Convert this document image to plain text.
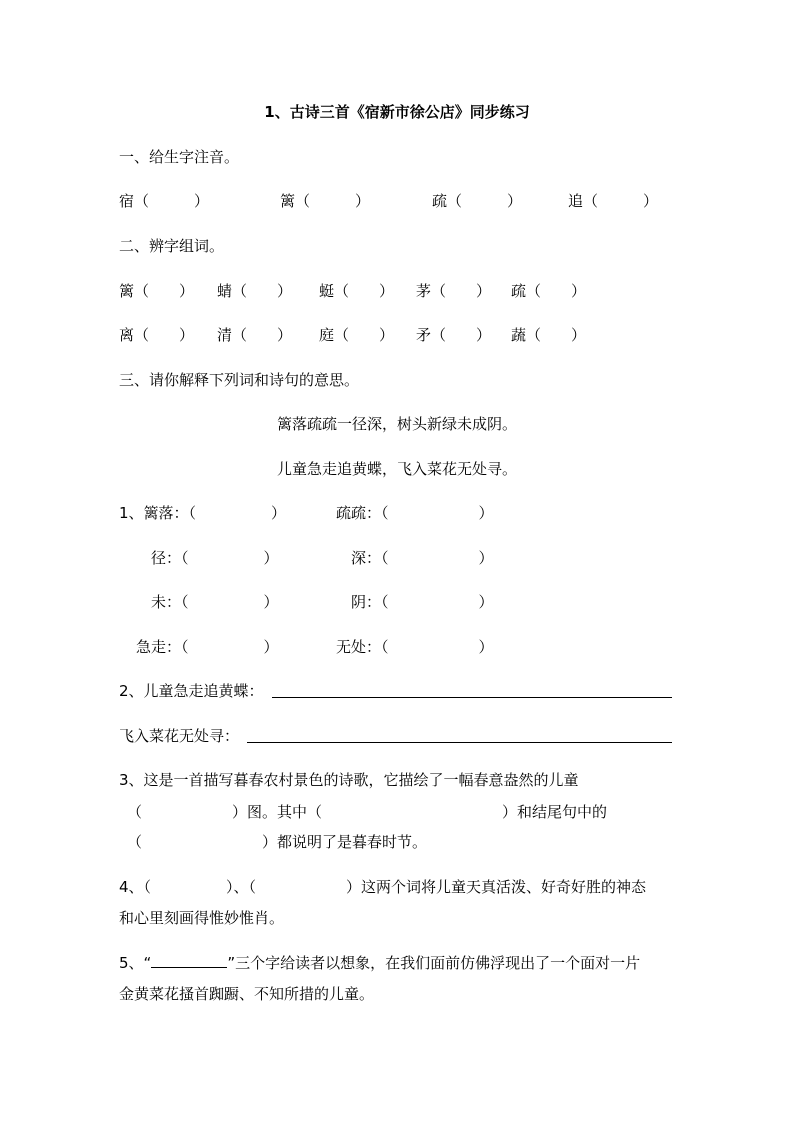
1、古诗三首《宿新市徐公店》同步练习
一、给生字注音。
宿（　　　）	篱（　　　）	疏（　　　）	追（　　　）
二、辨字组词。
篱（　　） 蜻（　　） 蜓（　　） 茅（　　） 疏（　　）
离（　　） 清（　　） 庭（　　） 矛（　　） 蔬（　　）
三、请你解释下列词和诗句的意思。
篱落疏疏一径深，树头新绿未成阴。
儿童急走追黄蝶，飞入菜花无处寻。
1、篱落：（　　　　　）	疏疏：（　　　　　　）
径：（　　　　　）	深：（　　　　　　）
未：（　　　　　）	阴：（　　　　　　）
急走：（　　　　　）	无处：（　　　　　　）
2、儿童急走追黄蝶：
飞入菜花无处寻：
3、这是一首描写暮春农村景色的诗歌，它描绘了一幅春意盎然的儿童
（　　　　　　）图。其中（　　　　　　　　　　　　）和结尾句中的
（　　　　　　　　）都说明了是暮春时节。
4、（　　　　　）、（　　　　　　）这两个词将儿童天真活泼、好奇好胜的神态
和心里刻画得惟妙惟肖。
5、“	”三个字给读者以想象，在我们面前仿佛浮现出了一个面对一片
金黄菜花搔首踟蹰、不知所措的儿童。
